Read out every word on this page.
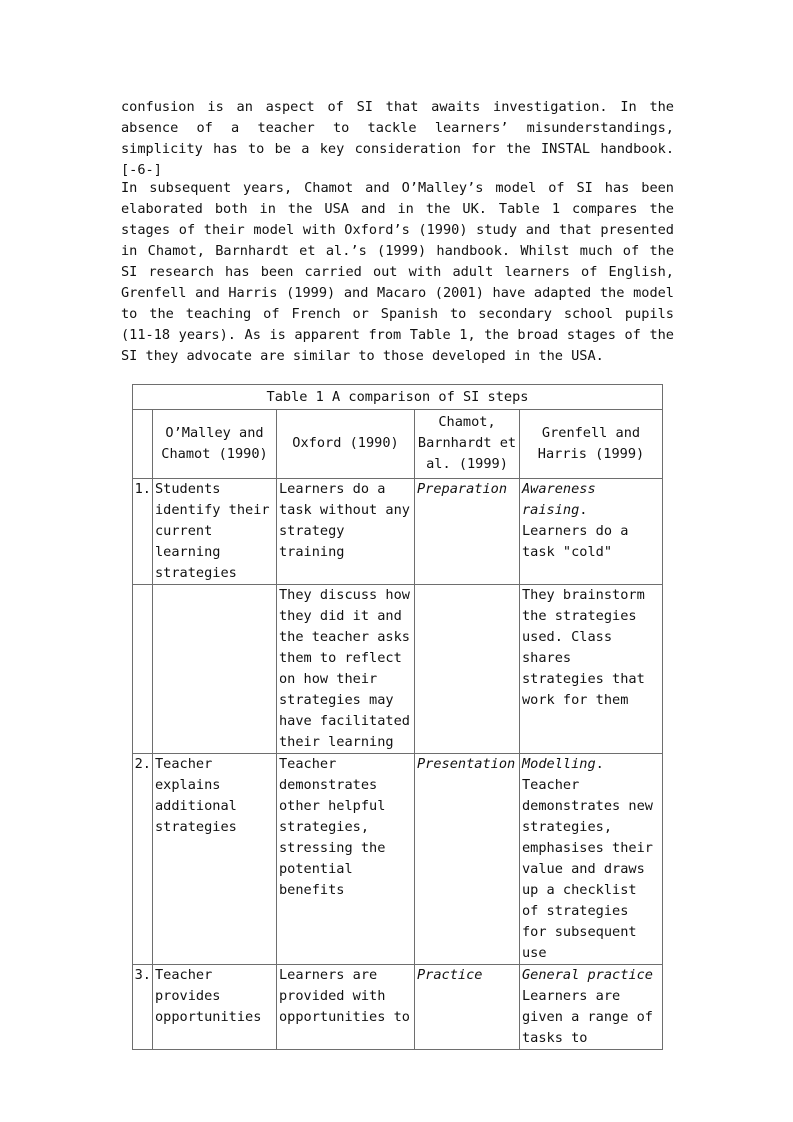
confusion is an aspect of SI that awaits investigation. In the absence of a teacher to tackle learners’ misunderstandings, simplicity has to be a key consideration for the INSTAL handbook. [-6-]

In subsequent years, Chamot and O’Malley’s model of SI has been elaborated both in the USA and in the UK. Table 1 compares the stages of their model with Oxford’s (1990) study and that presented in Chamot, Barnhardt et al.’s (1999) handbook. Whilst much of the SI research has been carried out with adult learners of English, Grenfell and Harris (1999) and Macaro (2001) have adapted the model to the teaching of French or Spanish to secondary school pupils (11-18 years). As is apparent from Table 1, the broad stages of the SI they advocate are similar to those developed in the USA.

Table 1 A comparison of SI steps				
	O’Malley and Chamot (1990)	Oxford (1990)	Chamot, Barnhardt et al. (1999)	Grenfell and Harris (1999)
1.	Students identify their current learning strategies	Learners do a task without any strategy training	Preparation	Awareness raising. Learners do a task "cold"
		They discuss how they did it and the teacher asks them to reflect on how their strategies may have facilitated their learning		They brainstorm the strategies used. Class shares strategies that work for them
2.	Teacher explains additional strategies	Teacher demonstrates other helpful strategies, stressing the potential benefits	Presentation	Modelling. Teacher demonstrates new strategies, emphasises their value and draws up a checklist of strategies for subsequent use
3.	Teacher provides opportunities	Learners are provided with opportunities to	Practice	General practice Learners are given a range of tasks to
